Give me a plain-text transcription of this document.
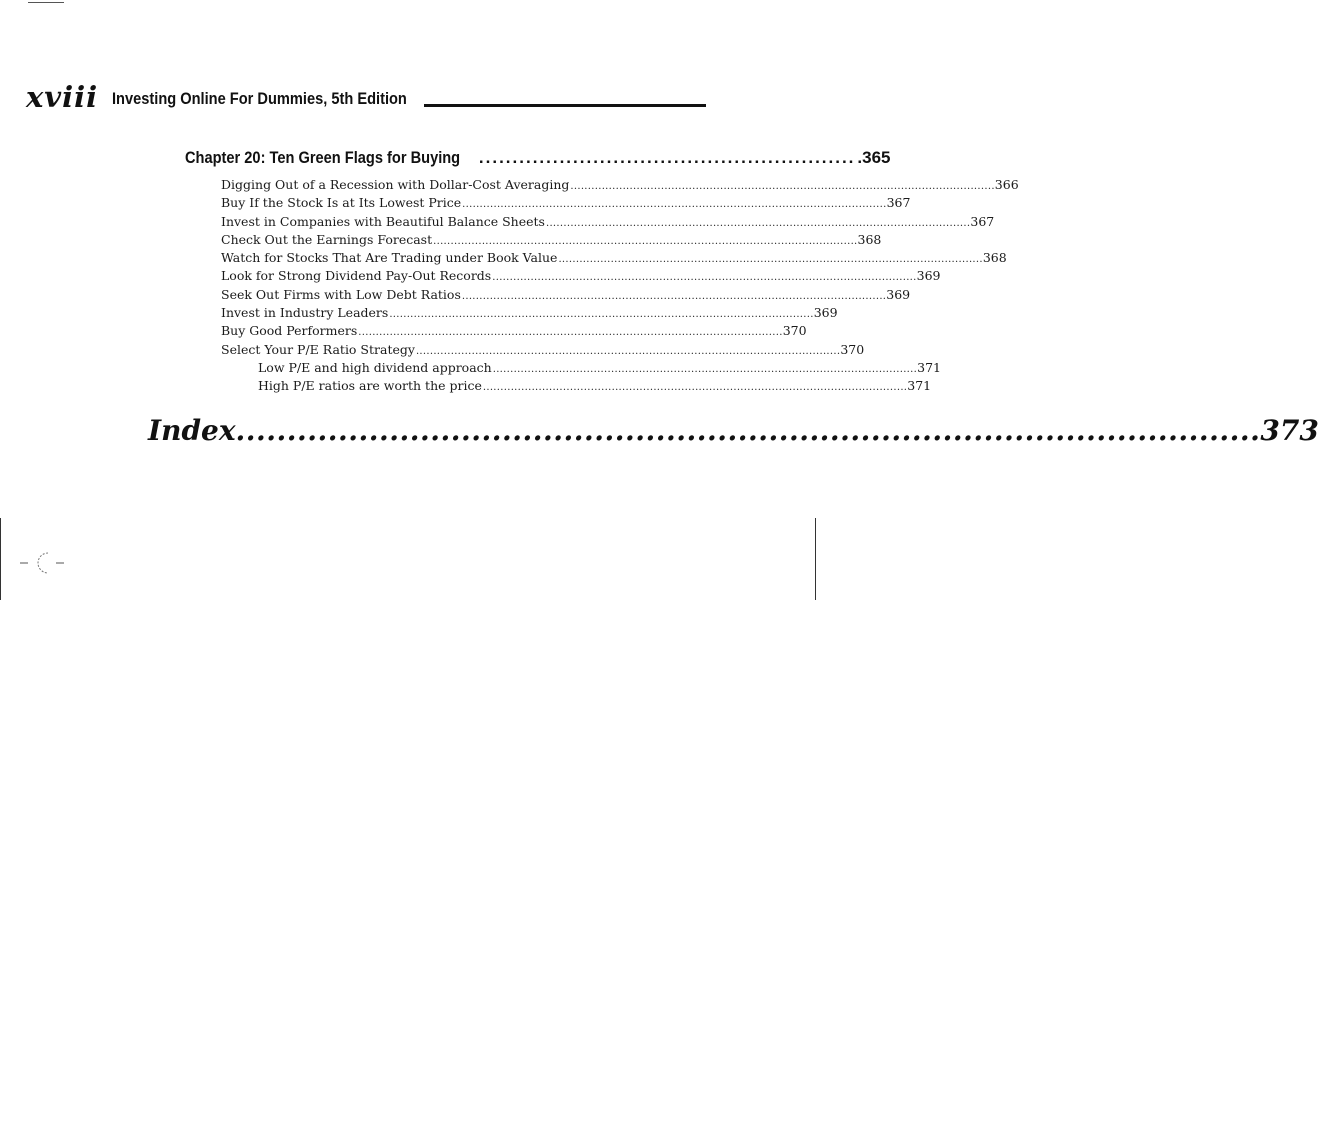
xviii Investing Online For Dummies, 5th Edition
Chapter 20: Ten Green Flags for Buying	........................................................ .365
Digging Out of a Recession with Dollar-Cost Averaging .......................................................................................................................... 366
Buy If the Stock Is at Its Lowest Price .......................................................................................................................... 367
Invest in Companies with Beautiful Balance Sheets .......................................................................................................................... 367
Check Out the Earnings Forecast .......................................................................................................................... 368
Watch for Stocks That Are Trading under Book Value .......................................................................................................................... 368
Look for Strong Dividend Pay-Out Records .......................................................................................................................... 369
Seek Out Firms with Low Debt Ratios .......................................................................................................................... 369
Invest in Industry Leaders .......................................................................................................................... 369
Buy Good Performers .......................................................................................................................... 370
Select Your P/E Ratio Strategy .......................................................................................................................... 370
Low P/E and high dividend approach .......................................................................................................................... 371
High P/E ratios are worth the price .......................................................................................................................... 371
Index .................................................................................................... 373
